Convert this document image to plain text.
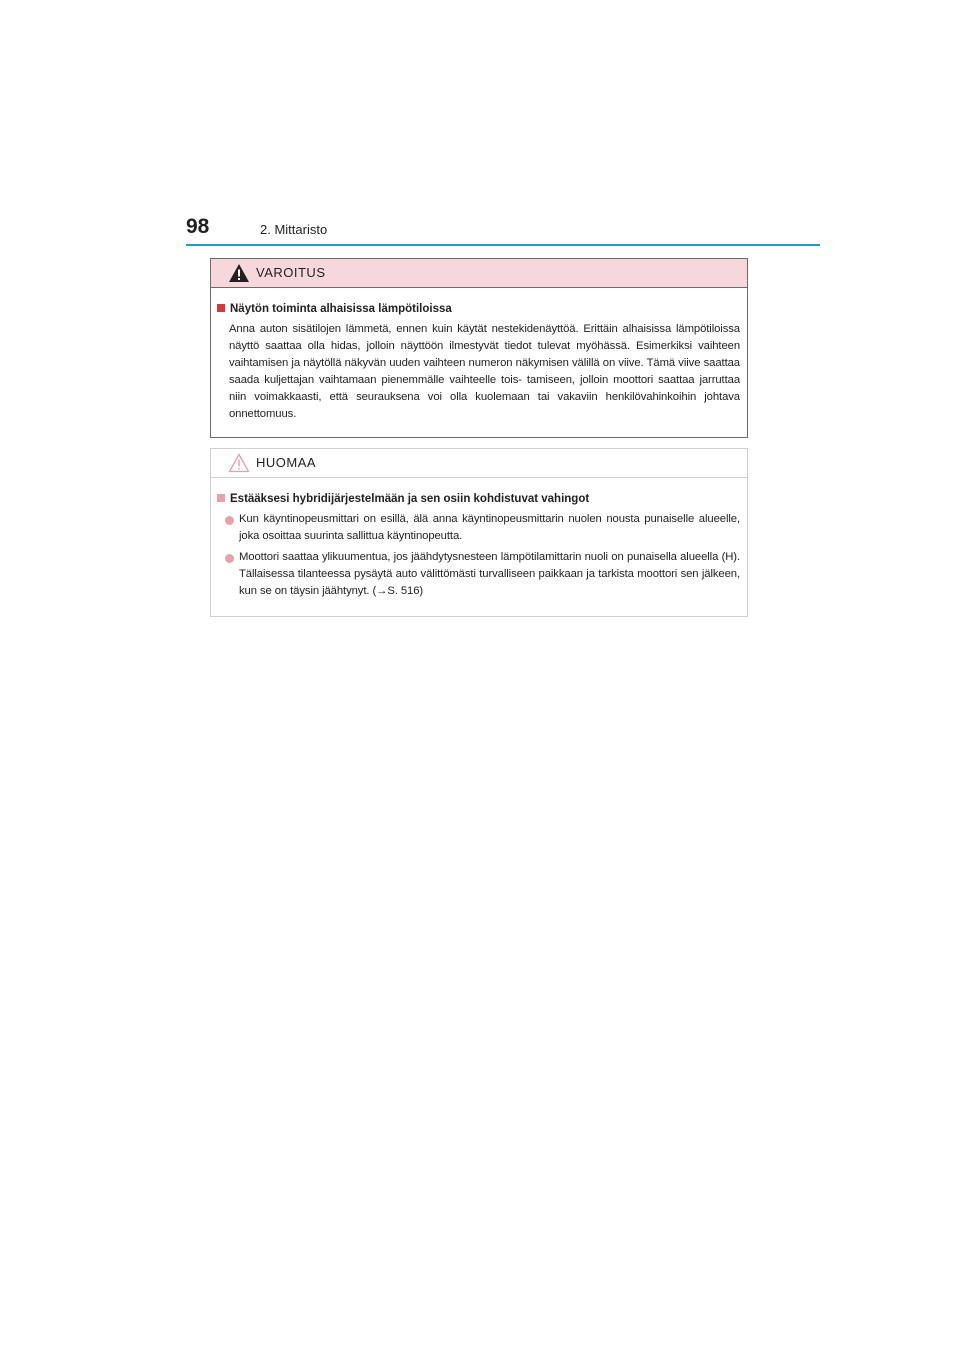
98	2. Mittaristo
VAROITUS
Näytön toiminta alhaisissa lämpötiloissa

Anna auton sisätilojen lämmetä, ennen kuin käytät nestekidenäyttöä. Erittäin alhaisissa lämpötiloissa näyttö saattaa olla hidas, jolloin näyttöön ilmestyvät tiedot tulevat myöhässä. Esimerkiksi vaihteen vaihtamisen ja näytöllä näkyvän uuden vaihteen numeron näkymisen välillä on viive. Tämä viive saattaa saada kuljettajan vaihtamaan pienemmälle vaihteelle tois- tamiseen, jolloin moottori saattaa jarruttaa niin voimakkaasti, että seurauksena voi olla kuolemaan tai vakaviin henkilövahinkoihin johtava onnettomuus.

HUOMAA
Estääksesi hybridijärjestelmään ja sen osiin kohdistuvat vahingot
Kun käyntinopeusmittari on esillä, älä anna käyntinopeusmittarin nuolen nousta punaiselle alueelle, joka osoittaa suurinta sallittua käyntinopeutta.
Moottori saattaa ylikuumentua, jos jäähdytysnesteen lämpötilamittarin nuoli on punaisella alueella (H). Tällaisessa tilanteessa pysäytä auto välittömästi turvalliseen paikkaan ja tarkista moottori sen jälkeen, kun se on täysin jäähtynyt. (→S. 516)
